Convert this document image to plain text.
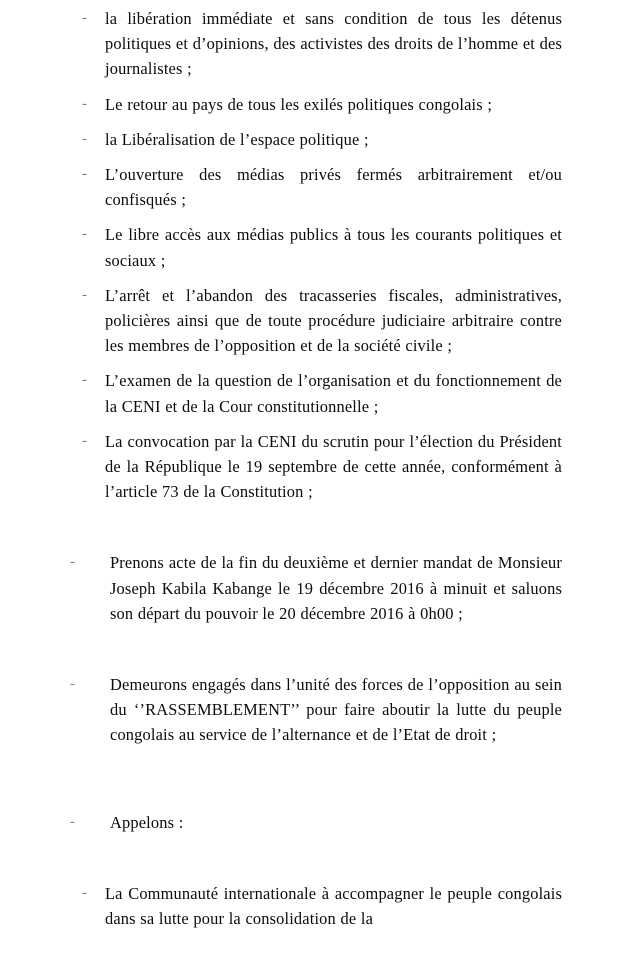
-	la libération immédiate et sans condition de tous les détenus politiques et d’opinions, des activistes des droits de l’homme et des journalistes ;
-	Le retour au pays de tous les exilés politiques congolais ;
-	la Libéralisation de l’espace politique ;
-	L’ouverture des médias privés fermés arbitrairement et/ou confisqués ;
-	Le libre accès aux médias publics à tous les courants politiques et sociaux ;
-	L’arrêt et l’abandon des tracasseries fiscales, administratives, policières ainsi que de toute procédure judiciaire arbitraire contre les membres de l’opposition et de la société civile ;
-	L’examen de la question de l’organisation et du fonctionnement de la CENI et de la Cour constitutionnelle ;
-	La convocation par la CENI du scrutin pour l’élection du Président de la République le 19 septembre de cette année, conformément à l’article 73 de la Constitution ;
-	Prenons acte de la fin du deuxième et dernier mandat de Monsieur Joseph Kabila Kabange le 19 décembre 2016 à minuit et saluons son départ du pouvoir le 20 décembre 2016 à 0h00 ;
-	Demeurons engagés dans l’unité des forces de l’opposition au sein du ‘’RASSEMBLEMENT’’ pour faire aboutir la lutte du peuple congolais au service de l’alternance et de l’Etat de droit ;
-	Appelons :
-	La Communauté internationale à accompagner le peuple congolais dans sa lutte pour la consolidation de la
